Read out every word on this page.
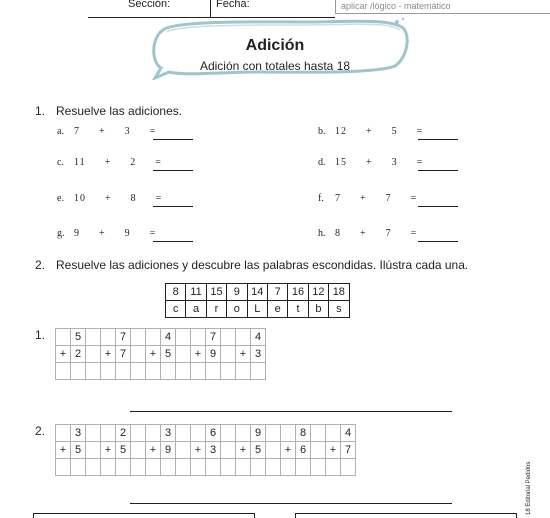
Sección:	Fecha:	aplicar /lógico - matemático
Adición
Adición con totales hasta 18
1. Resuelve las adiciones.
a. 7  +  3  =	b. 12  +  5  =
c. 11  +  2  =	d. 15  +  3  =
e. 10  +  8  =	f. 7  +  7  =
g. 9  +  9  =	h. 8  +  7  =
2. Resuelve las adiciones y descubre las palabras escondidas. Ilústra cada una.
8	11	15	9	14	7	16	12	18
c	a	r	o	L	e	t	b	s
1.
		5			7			4			7			4
+	2		+	7		+	5		+	9		+	3

2.
		3			2			3			6			9			8			4
+	5		+	5		+	9		+	3		+	5		+	6		+	7

18 Editorial Pedidos
